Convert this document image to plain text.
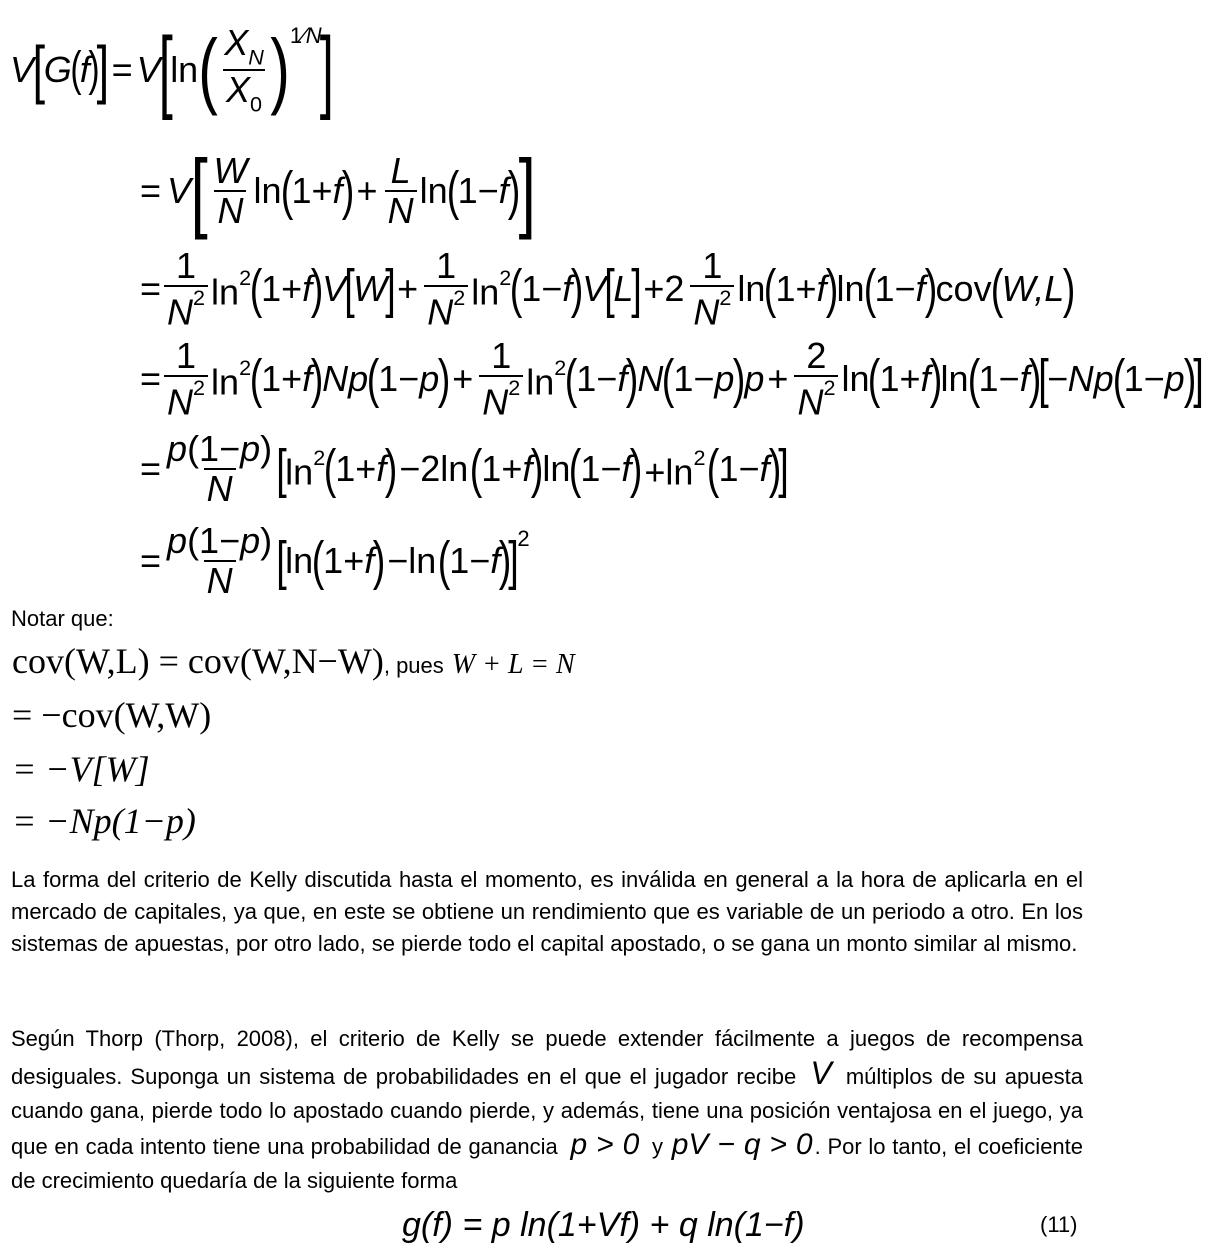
V
[
G
(
f
)
] = V
[
ln ( $\frac{X_N}{X_0}$ ) 1⁄N
]
= V [ $\frac{W}{N}$ ln
(
1+ f
) + $\frac{L}{N}$ ln
(
1− f
)
]
= $\frac{1}{N^2} \ln^2$
(
1+ f
)
V
[
W
] + $\frac{1}{N^2} \ln^2$
(
1− f
)
V
[
L
] $+2 \frac{1}{N^2}$ ln
(
1+ f
)
ln
(
1− f
)
cov
(
W,L
)
= $\frac{1}{N^2} \ln^2$
(
1+ f
)
Np
(
1− p
) + $\frac{1}{N^2} \ln^2$
(
1− f
)
N
(
1− p
)
$p + \frac{2}{N^2}$ ln
(
1+ f
)
ln
(
1− f
)
[
−Np
(
1− p
)
]
= $\frac{p(1-p)}{N}$ [
$\ln^2$
(
1+ f
) −2ln (
1+ f
)
ln
(
1− f
) $+\ln^2$ (
1− f
)
]
= $\frac{p(1-p)}{N}$ [
ln
(
1+ f
) −ln (
1− f
)
]
2
Notar que:
cov(W,L) = cov(W,N−W) , pues W + L = N
= −cov(W,W)
= −V[W]
= −Np(1−p)
La forma del criterio de Kelly discutida hasta el momento, es inválida en general a la hora de aplicarla en el mercado de capitales, ya que, en este se obtiene un rendimiento que es variable de un periodo a otro. En los sistemas de apuestas, por otro lado, se pierde todo el capital apostado, o se gana un monto similar al mismo.
Según Thorp (Thorp, 2008), el criterio de Kelly se puede extender fácilmente a juegos de recompensa desiguales. Suponga un sistema de probabilidades en el que el jugador recibe V múltiplos de su apuesta cuando gana, pierde todo lo apostado cuando pierde, y además, tiene una posición ventajosa en el juego, ya que en cada intento tiene una probabilidad de ganancia p > 0 y pV − q > 0. Por lo tanto, el coeficiente de crecimiento quedaría de la siguiente forma
g(f) = p ln(1+Vf) + q ln(1−f)	(11)
